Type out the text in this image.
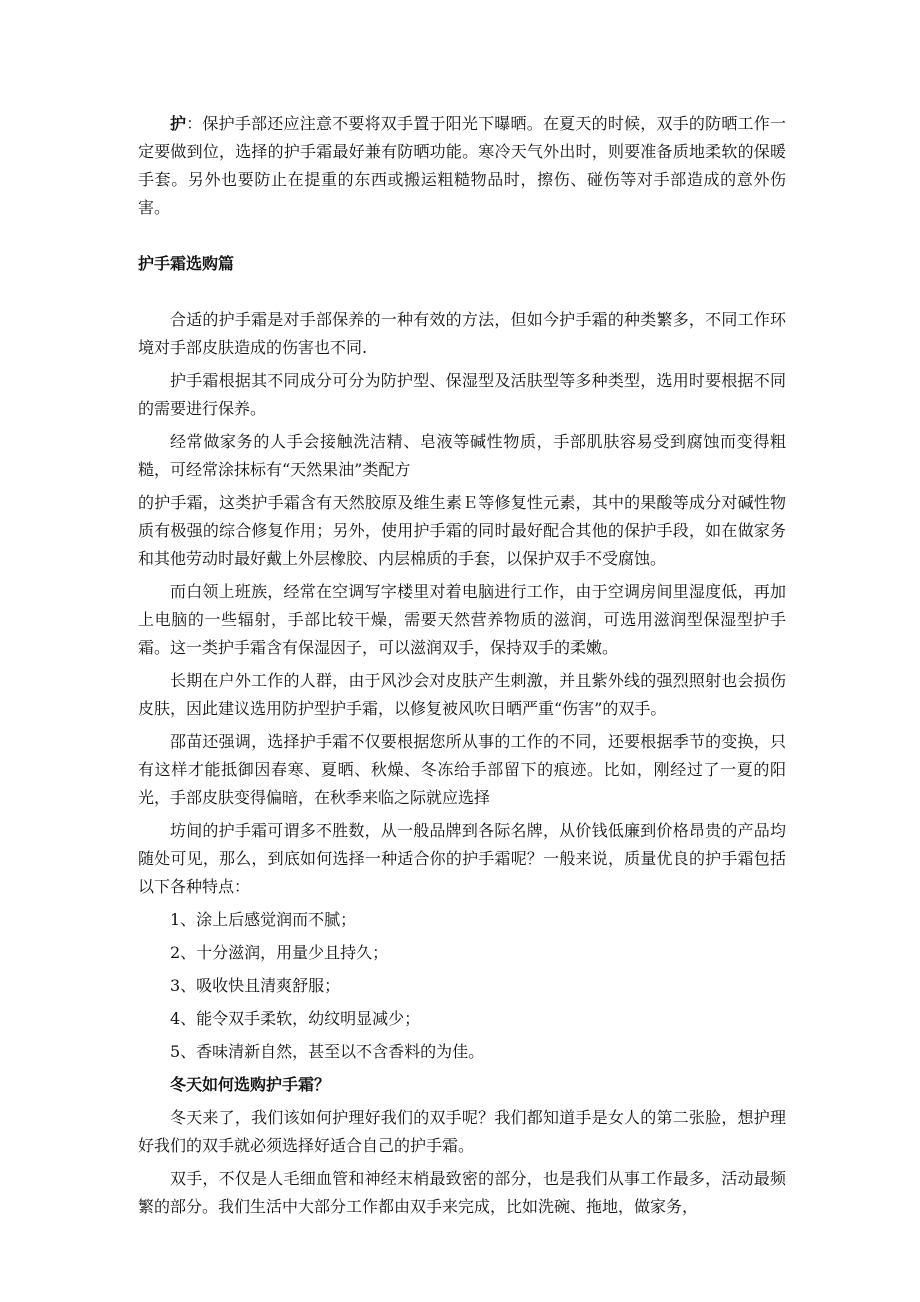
护：保护手部还应注意不要将双手置于阳光下曝晒。在夏天的时候，双手的防晒工作一定要做到位，选择的护手霜最好兼有防晒功能。寒冷天气外出时，则要准备质地柔软的保暖手套。另外也要防止在提重的东西或搬运粗糙物品时，擦伤、碰伤等对手部造成的意外伤害。

护手霜选购篇

合适的护手霜是对手部保养的一种有效的方法，但如今护手霜的种类繁多，不同工作环境对手部皮肤造成的伤害也不同.

护手霜根据其不同成分可分为防护型、保湿型及活肤型等多种类型，选用时要根据不同的需要进行保养。

经常做家务的人手会接触洗洁精、皂液等碱性物质，手部肌肤容易受到腐蚀而变得粗糙，可经常涂抹标有“天然果油”类配方

的护手霜，这类护手霜含有天然胶原及维生素Ｅ等修复性元素，其中的果酸等成分对碱性物质有极强的综合修复作用；另外，使用护手霜的同时最好配合其他的保护手段，如在做家务和其他劳动时最好戴上外层橡胶、内层棉质的手套，以保护双手不受腐蚀。

而白领上班族，经常在空调写字楼里对着电脑进行工作，由于空调房间里湿度低，再加上电脑的一些辐射，手部比较干燥，需要天然营养物质的滋润，可选用滋润型保湿型护手霜。这一类护手霜含有保湿因子，可以滋润双手，保持双手的柔嫩。

长期在户外工作的人群，由于风沙会对皮肤产生刺激，并且紫外线的强烈照射也会损伤皮肤，因此建议选用防护型护手霜，以修复被风吹日晒严重“伤害”的双手。

邵苗还强调，选择护手霜不仅要根据您所从事的工作的不同，还要根据季节的变换，只有这样才能抵御因春寒、夏晒、秋燥、冬冻给手部留下的痕迹。比如，刚经过了一夏的阳光，手部皮肤变得偏暗，在秋季来临之际就应选择

坊间的护手霜可谓多不胜数，从一般品牌到各际名牌，从价钱低廉到价格昂贵的产品均随处可见，那么，到底如何选择一种适合你的护手霜呢？一般来说，质量优良的护手霜包括以下各种特点：

1、涂上后感觉润而不腻；

2、十分滋润，用量少且持久；

3、吸收快且清爽舒服；

4、能令双手柔软，幼纹明显减少；

5、香味清新自然，甚至以不含香料的为佳。

冬天如何选购护手霜？

冬天来了，我们该如何护理好我们的双手呢？我们都知道手是女人的第二张脸，想护理好我们的双手就必须选择好适合自己的护手霜。

双手，不仅是人毛细血管和神经末梢最致密的部分，也是我们从事工作最多，活动最频繁的部分。我们生活中大部分工作都由双手来完成，比如洗碗、拖地，做家务，
